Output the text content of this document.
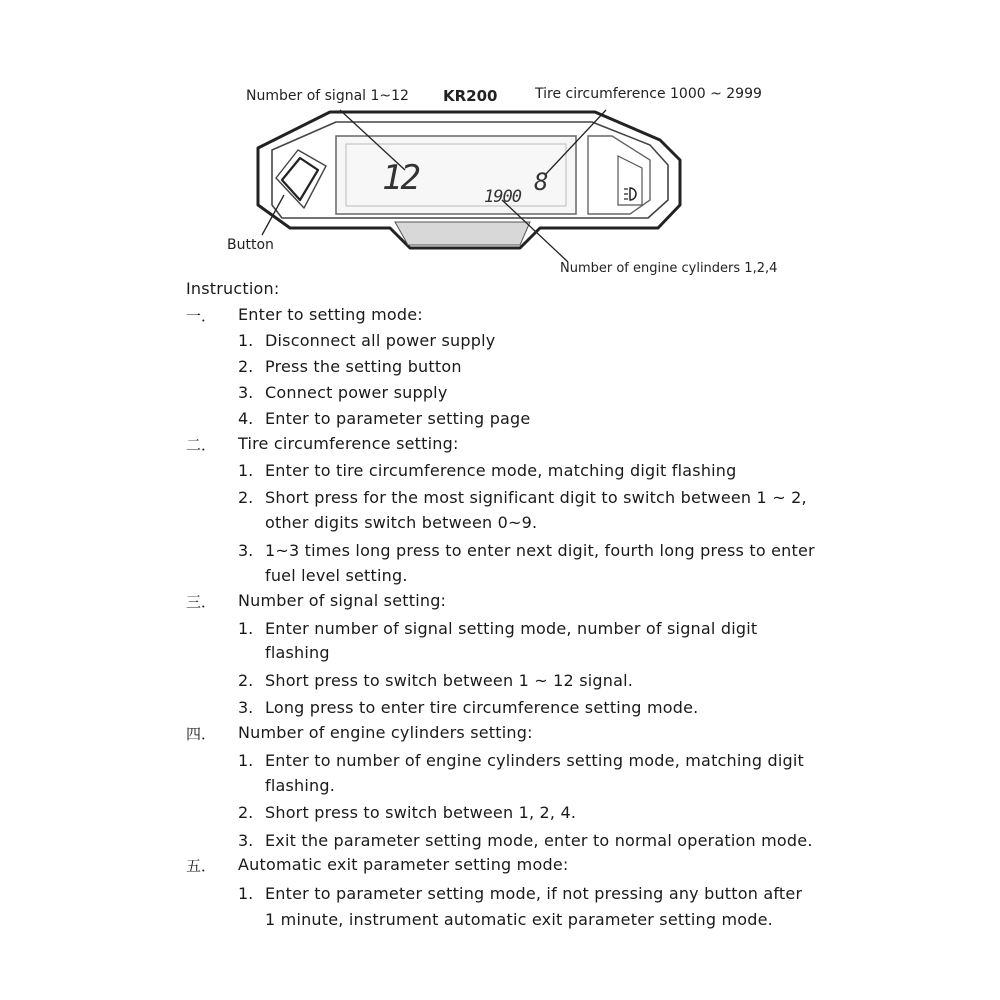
12	1900
8
Number of signal 1~12 KR200	Tire circumference 1000 ~ 2999
Button
Number of engine cylinders 1,2,4
Instruction:
一． Enter to setting mode:
1. Disconnect all power supply
2. Press the setting button
3. Connect power supply
4. Enter to parameter setting page
二． Tire circumference setting:
1. Enter to tire circumference mode, matching digit flashing
2. Short press for the most significant digit to switch between 1 ~ 2,
other digits switch between 0~9.
3. 1~3 times long press to enter next digit, fourth long press to enter
fuel level setting.
三． Number of signal setting:
1. Enter number of signal setting mode, number of signal digit
flashing
2. Short press to switch between 1 ~ 12 signal.
3. Long press to enter tire circumference setting mode.
四． Number of engine cylinders setting:
1. Enter to number of engine cylinders setting mode, matching digit
flashing.
2. Short press to switch between 1, 2, 4.
3. Exit the parameter setting mode, enter to normal operation mode.
五． Automatic exit parameter setting mode:
1. Enter to parameter setting mode, if not pressing any button after
1 minute, instrument automatic exit parameter setting mode.
